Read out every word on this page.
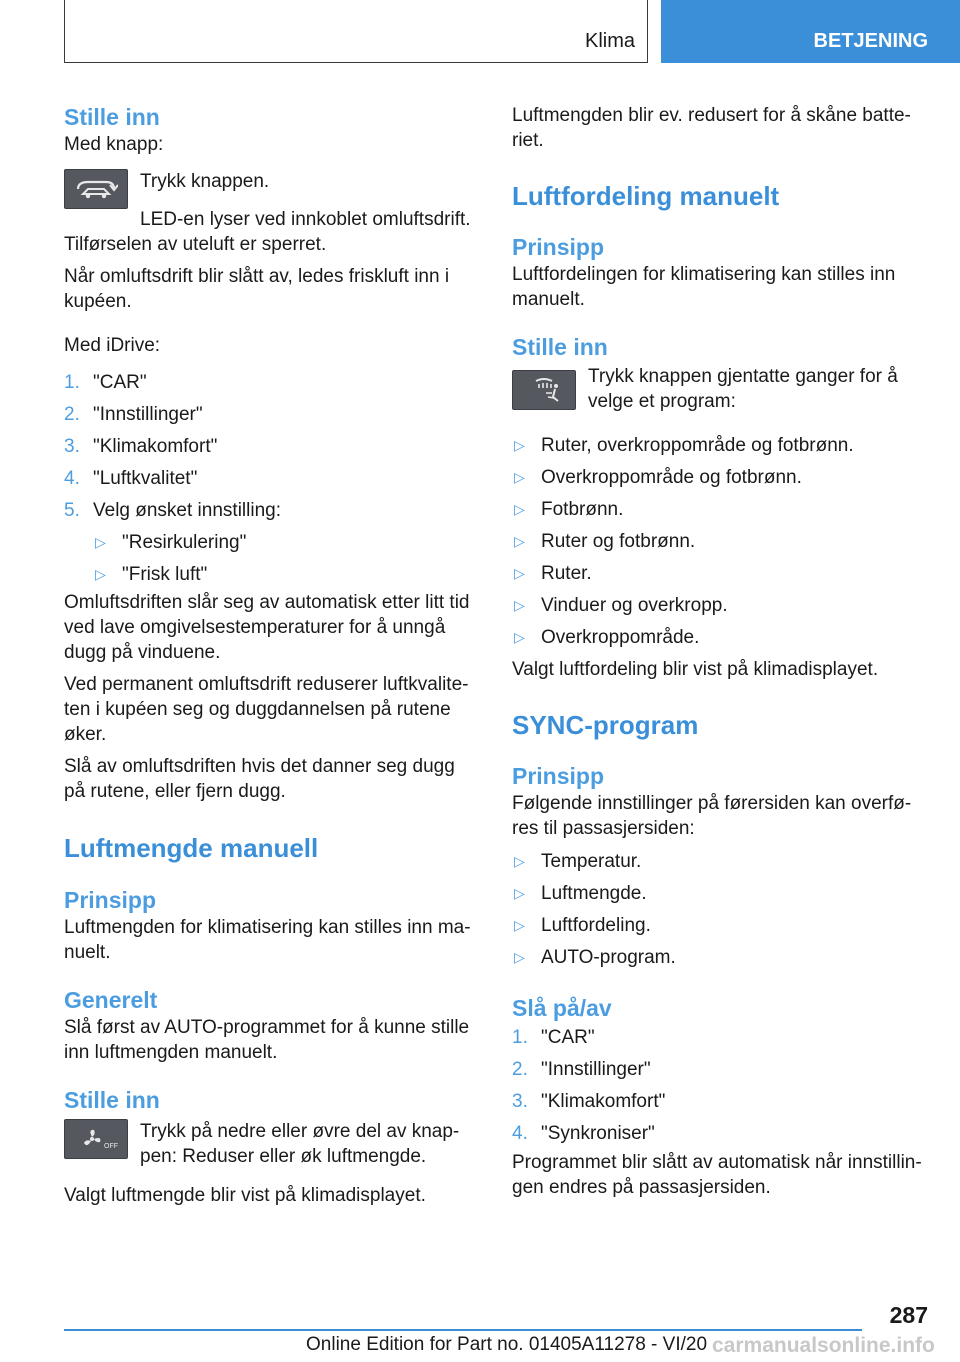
Klima	BETJENING
Stille inn

Med knapp:

Trykk knappen.

LED-en lyser ved innkoblet omluftsdrift. Tilførselen av uteluft er sperret.

Når omluftsdrift blir slått av, ledes friskluft inn i kupéen.

Med iDrive:

1. "CAR"
2. "Innstillinger"
3. "Klimakomfort"
4. "Luftkvalitet"
5. Velg ønsket innstilling:
▷ "Resirkulering"
▷ "Frisk luft"

Omluftsdriften slår seg av automatisk etter litt tid ved lave omgivelsestemperaturer for å unngå dugg på vinduene.

Ved permanent omluftsdrift reduserer luftkvalite-ten i kupéen seg og duggdannelsen på rutene øker.

Slå av omluftsdriften hvis det danner seg dugg på rutene, eller fjern dugg.

Luftmengde manuell
Prinsipp

Luftmengden for klimatisering kan stilles inn ma-nuelt.

Generelt

Slå først av AUTO-programmet for å kunne stille inn luftmengden manuelt.

Stille inn
OFF

Trykk på nedre eller øvre del av knap-pen: Reduser eller øk luftmengde.

Valgt luftmengde blir vist på klimadisplayet.

Luftmengden blir ev. redusert for å skåne batte-riet.

Luftfordeling manuelt
Prinsipp

Luftfordelingen for klimatisering kan stilles inn manuelt.

Stille inn

Trykk knappen gjentatte ganger for å velge et program:

▷ Ruter, overkroppområde og fotbrønn.
▷ Overkroppområde og fotbrønn.
▷ Fotbrønn.
▷ Ruter og fotbrønn.
▷ Ruter.
▷ Vinduer og overkropp.
▷ Overkroppområde.

Valgt luftfordeling blir vist på klimadisplayet.

SYNC-program
Prinsipp

Følgende innstillinger på førersiden kan overfø-res til passasjersiden:

▷ Temperatur.
▷ Luftmengde.
▷ Luftfordeling.
▷ AUTO-program.
Slå på/av
1. "CAR"
2. "Innstillinger"
3. "Klimakomfort"
4. "Synkroniser"

Programmet blir slått av automatisk når innstillin-gen endres på passasjersiden.

287
Online Edition for Part no. 01405A11278 - VI/20 carmanualsonline.info
